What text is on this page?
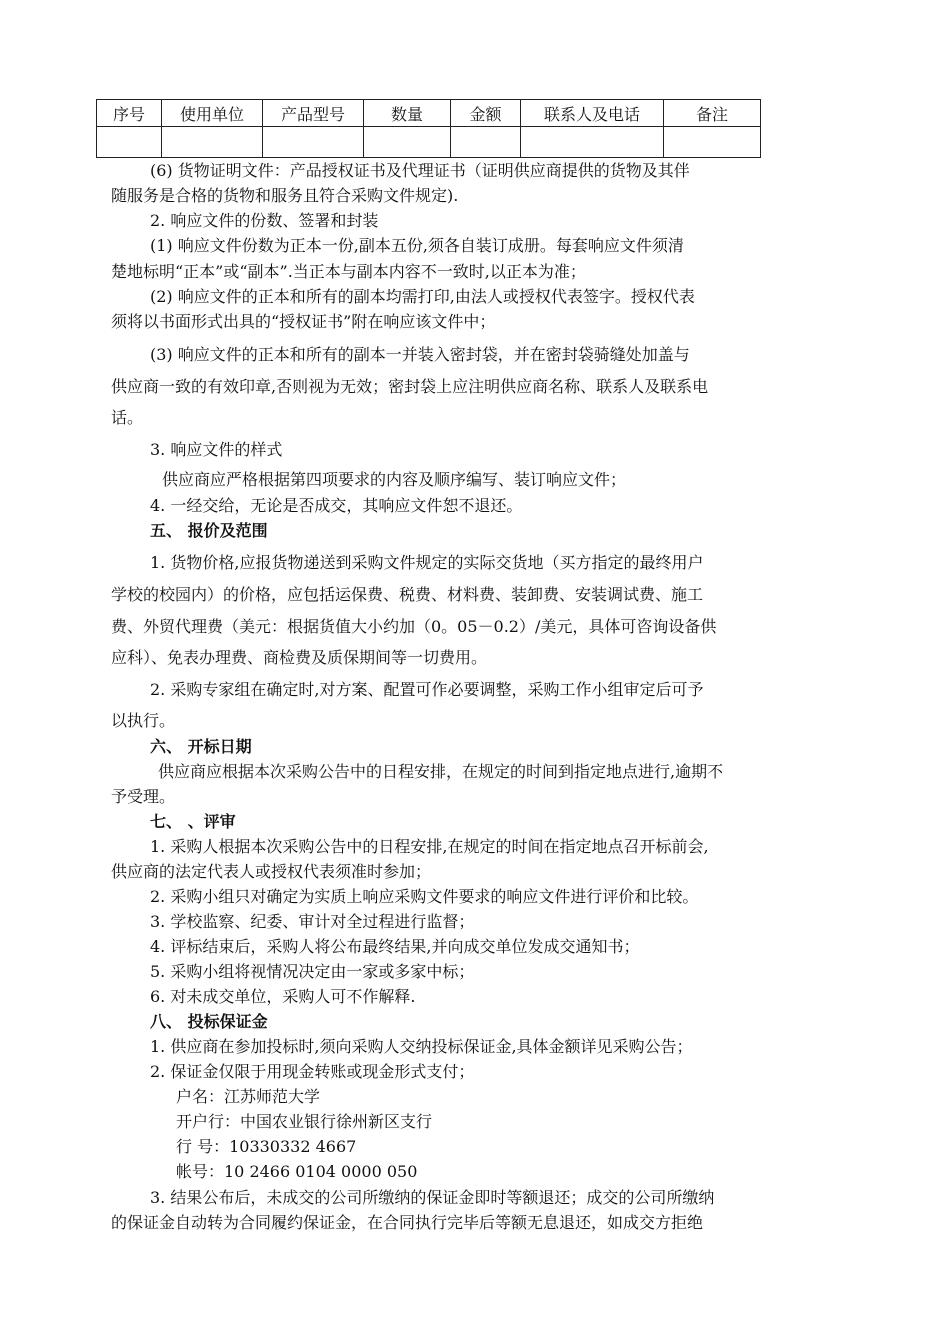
序号	使用单位	产品型号	数量	金额	联系人及电话	备注

(6) 货物证明文件：产品授权证书及代理证书（证明供应商提供的货物及其伴
随服务是合格的货物和服务且符合采购文件规定).
2. 响应文件的份数、签署和封装
(1) 响应文件份数为正本一份,副本五份,须各自装订成册。每套响应文件须清
楚地标明“正本”或“副本”.当正本与副本内容不一致时,以正本为准；
(2) 响应文件的正本和所有的副本均需打印,由法人或授权代表签字。授权代表
须将以书面形式出具的“授权证书”附在响应该文件中；
(3) 响应文件的正本和所有的副本一并装入密封袋，并在密封袋骑缝处加盖与
供应商一致的有效印章,否则视为无效；密封袋上应注明供应商名称、联系人及联系电
话。
3. 响应文件的样式
供应商应严格根据第四项要求的内容及顺序编写、装订响应文件；
4. 一经交给，无论是否成交，其响应文件恕不退还。
五、 报价及范围
1. 货物价格,应报货物递送到采购文件规定的实际交货地（买方指定的最终用户
学校的校园内）的价格，应包括运保费、税费、材料费、装卸费、安装调试费、施工
费、外贸代理费（美元：根据货值大小约加（0。05－0.2）/美元，具体可咨询设备供
应科）、免表办理费、商检费及质保期间等一切费用。
2. 采购专家组在确定时,对方案、配置可作必要调整，采购工作小组审定后可予
以执行。
六、 开标日期
供应商应根据本次采购公告中的日程安排，在规定的时间到指定地点进行,逾期不
予受理。
七、 、评审
1. 采购人根据本次采购公告中的日程安排,在规定的时间在指定地点召开标前会,
供应商的法定代表人或授权代表须准时参加；
2. 采购小组只对确定为实质上响应采购文件要求的响应文件进行评价和比较。
3. 学校监察、纪委、审计对全过程进行监督；
4. 评标结束后，采购人将公布最终结果,并向成交单位发成交通知书；
5. 采购小组将视情况决定由一家或多家中标；
6. 对未成交单位，采购人可不作解释.
八、 投标保证金
1. 供应商在参加投标时,须向采购人交纳投标保证金,具体金额详见采购公告；
2. 保证金仅限于用现金转账或现金形式支付；
户名：江苏师范大学
开户行：中国农业银行徐州新区支行
行 号：10330332 4667
帐号：10 2466 0104 0000 050
3. 结果公布后，未成交的公司所缴纳的保证金即时等额退还；成交的公司所缴纳
的保证金自动转为合同履约保证金，在合同执行完毕后等额无息退还，如成交方拒绝
